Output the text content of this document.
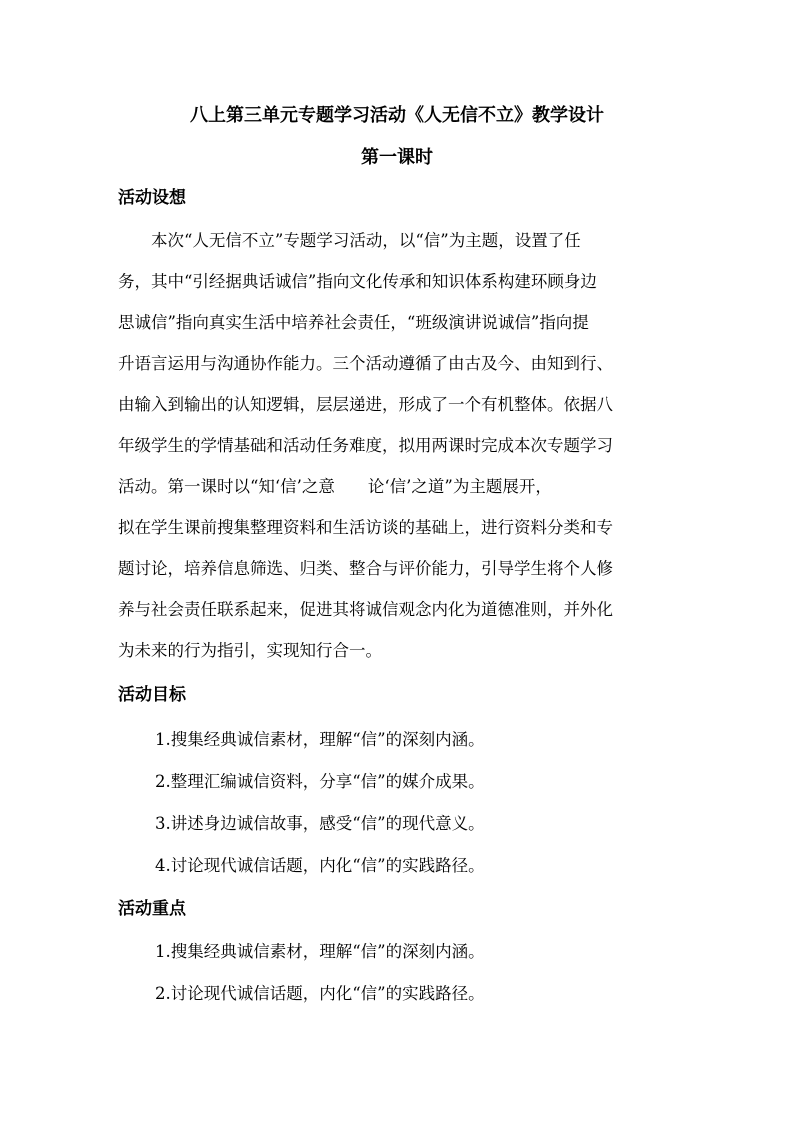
八上第三单元专题学习活动《人无信不立》教学设计
第一课时
活动设想
本次“人无信不立”专题学习活动，以“信”为主题，设置了任
务，其中“引经据典话诚信”指向文化传承和知识体系构建环顾身边
思诚信”指向真实生活中培养社会责任，“班级演讲说诚信”指向提
升语言运用与沟通协作能力。三个活动遵循了由古及今、由知到行、
由输入到输出的认知逻辑，层层递进，形成了一个有机整体。依据八
年级学生的学情基础和活动任务难度，拟用两课时完成本次专题学习
活动。第一课时以“知‘信’之意　　论‘信’之道”为主题展开，
拟在学生课前搜集整理资料和生活访谈的基础上，进行资料分类和专
题讨论，培养信息筛选、归类、整合与评价能力，引导学生将个人修
养与社会责任联系起来，促进其将诚信观念内化为道德准则，并外化
为未来的行为指引，实现知行合一。
活动目标
1.搜集经典诚信素材，理解“信”的深刻内涵。
2.整理汇编诚信资料，分享“信”的媒介成果。
3.讲述身边诚信故事，感受“信”的现代意义。
4.讨论现代诚信话题，内化“信”的实践路径。
活动重点
1.搜集经典诚信素材，理解“信”的深刻内涵。
2.讨论现代诚信话题，内化“信”的实践路径。
